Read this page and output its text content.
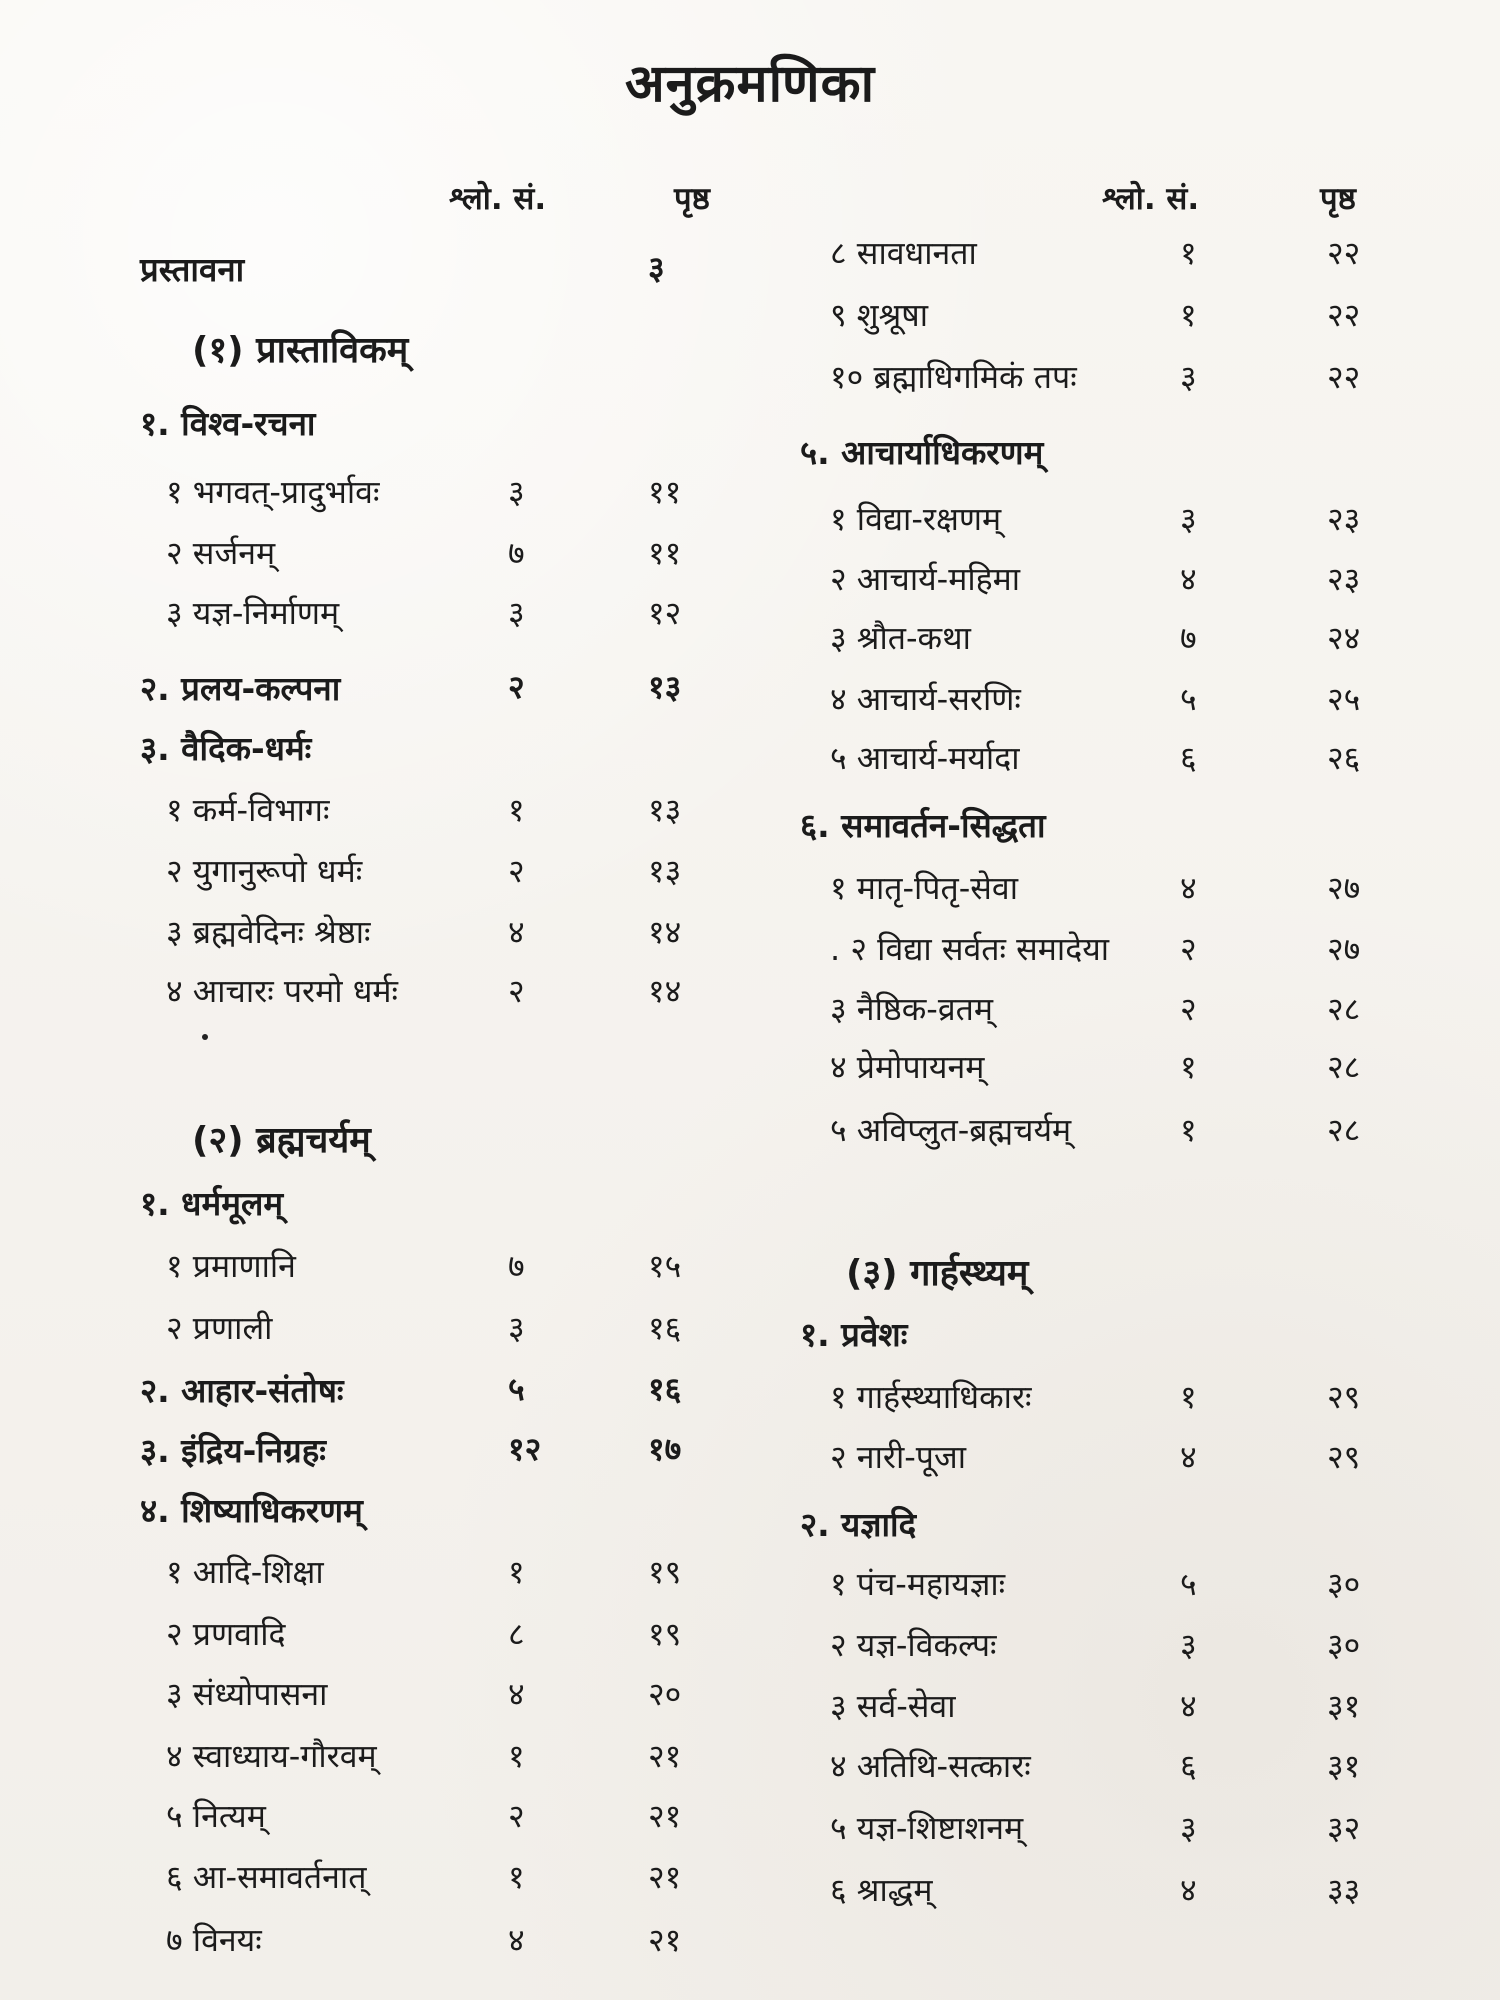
अनुक्रमणिका
श्लो. सं.	पृष्ठ
प्रस्तावना	३
(१) प्रास्ताविकम्
१. विश्व-रचना
१ भगवत्-प्रादुर्भावः	३	११
२ सर्जनम्	७	११
३ यज्ञ-निर्माणम्	३	१२
२. प्रलय-कल्पना	२	१३
३. वैदिक-धर्मः
१ कर्म-विभागः	१	१३
२ युगानुरूपो धर्मः	२	१३
३ ब्रह्मवेदिनः श्रेष्ठाः	४	१४
४ आचारः परमो धर्मः	२	१४
(२) ब्रह्मचर्यम्
१. धर्ममूलम्
१ प्रमाणानि	७	१५
२ प्रणाली	३	१६
२. आहार-संतोषः	५	१६
३. इंद्रिय-निग्रहः	१२	१७
४. शिष्याधिकरणम्
१ आदि-शिक्षा	१	१९
२ प्रणवादि	८	१९
३ संध्योपासना	४	२०
४ स्वाध्याय-गौरवम्	१	२१
५ नित्यम्	२	२१
६ आ-समावर्तनात्	१	२१
७ विनयः	४	२१
श्लो. सं.	पृष्ठ
८ सावधानता	१	२२
९ शुश्रूषा	१	२२
१० ब्रह्माधिगमिकं तपः	३	२२
५. आचार्याधिकरणम्
१ विद्या-रक्षणम्	३	२३
२ आचार्य-महिमा	४	२३
३ श्रौत-कथा	७	२४
४ आचार्य-सरणिः	५	२५
५ आचार्य-मर्यादा	६	२६
६. समावर्तन-सिद्धता
१ मातृ-पितृ-सेवा	४	२७
. २ विद्या सर्वतः समादेया २	२७
३ नैष्ठिक-व्रतम्	२	२८
४ प्रेमोपायनम्	१	२८
५ अविप्लुत-ब्रह्मचर्यम्	१	२८
(३) गार्हस्थ्यम्
१. प्रवेशः
१ गार्हस्थ्याधिकारः	१	२९
२ नारी-पूजा	४	२९
२. यज्ञादि
१ पंच-महायज्ञाः	५	३०
२ यज्ञ-विकल्पः	३	३०
३ सर्व-सेवा	४	३१
४ अतिथि-सत्कारः	६	३१
५ यज्ञ-शिष्टाशनम्	३	३२
६ श्राद्धम्	४	३३
